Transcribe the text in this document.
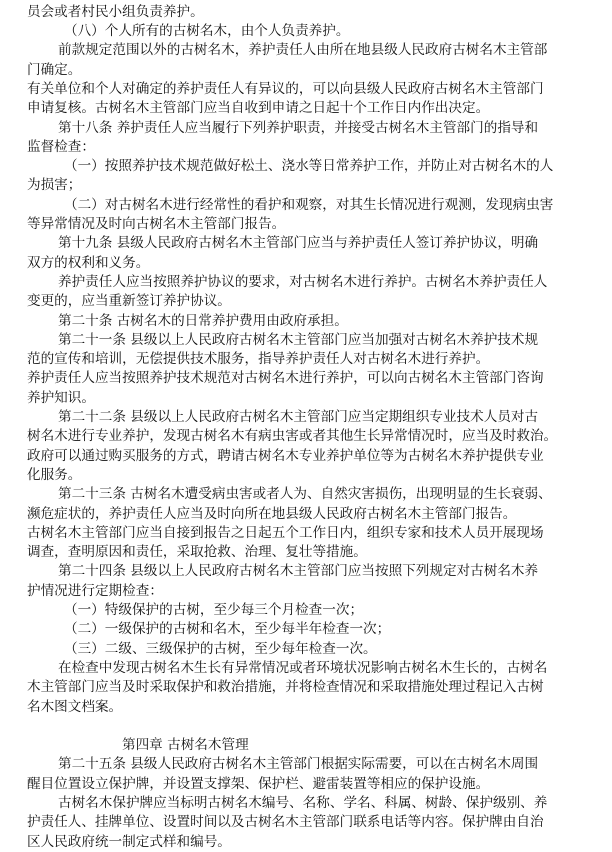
员会或者村民小组负责养护。
（八）个人所有的古树名木，由个人负责养护。
前款规定范围以外的古树名木，养护责任人由所在地县级人民政府古树名木主管部
门确定。
有关单位和个人对确定的养护责任人有异议的，可以向县级人民政府古树名木主管部门
申请复核。古树名木主管部门应当自收到申请之日起十个工作日内作出决定。
第十八条 养护责任人应当履行下列养护职责，并接受古树名木主管部门的指导和
监督检查：
（一）按照养护技术规范做好松土、浇水等日常养护工作，并防止对古树名木的人
为损害；
（二）对古树名木进行经常性的看护和观察，对其生长情况进行观测，发现病虫害
等异常情况及时向古树名木主管部门报告。
第十九条 县级人民政府古树名木主管部门应当与养护责任人签订养护协议，明确
双方的权利和义务。
养护责任人应当按照养护协议的要求，对古树名木进行养护。古树名木养护责任人
变更的，应当重新签订养护协议。
第二十条 古树名木的日常养护费用由政府承担。
第二十一条 县级以上人民政府古树名木主管部门应当加强对古树名木养护技术规
范的宣传和培训，无偿提供技术服务，指导养护责任人对古树名木进行养护。
养护责任人应当按照养护技术规范对古树名木进行养护，可以向古树名木主管部门咨询
养护知识。
第二十二条 县级以上人民政府古树名木主管部门应当定期组织专业技术人员对古
树名木进行专业养护，发现古树名木有病虫害或者其他生长异常情况时，应当及时救治。
政府可以通过购买服务的方式，聘请古树名木专业养护单位等为古树名木养护提供专业
化服务。
第二十三条 古树名木遭受病虫害或者人为、自然灾害损伤，出现明显的生长衰弱、
濒危症状的，养护责任人应当及时向所在地县级人民政府古树名木主管部门报告。
古树名木主管部门应当自接到报告之日起五个工作日内，组织专家和技术人员开展现场
调查，查明原因和责任，采取抢救、治理、复壮等措施。
第二十四条 县级以上人民政府古树名木主管部门应当按照下列规定对古树名木养
护情况进行定期检查：
（一）特级保护的古树，至少每三个月检查一次；
（二）一级保护的古树和名木，至少每半年检查一次；
（三）二级、三级保护的古树，至少每年检查一次。
在检查中发现古树名木生长有异常情况或者环境状况影响古树名木生长的，古树名
木主管部门应当及时采取保护和救治措施，并将检查情况和采取措施处理过程记入古树
名木图文档案。
第四章 古树名木管理
第二十五条 县级人民政府古树名木主管部门根据实际需要，可以在古树名木周围
醒目位置设立保护牌，并设置支撑架、保护栏、避雷装置等相应的保护设施。
古树名木保护牌应当标明古树名木编号、名称、学名、科属、树龄、保护级别、养
护责任人、挂牌单位、设置时间以及古树名木主管部门联系电话等内容。保护牌由自治
区人民政府统一制定式样和编号。
